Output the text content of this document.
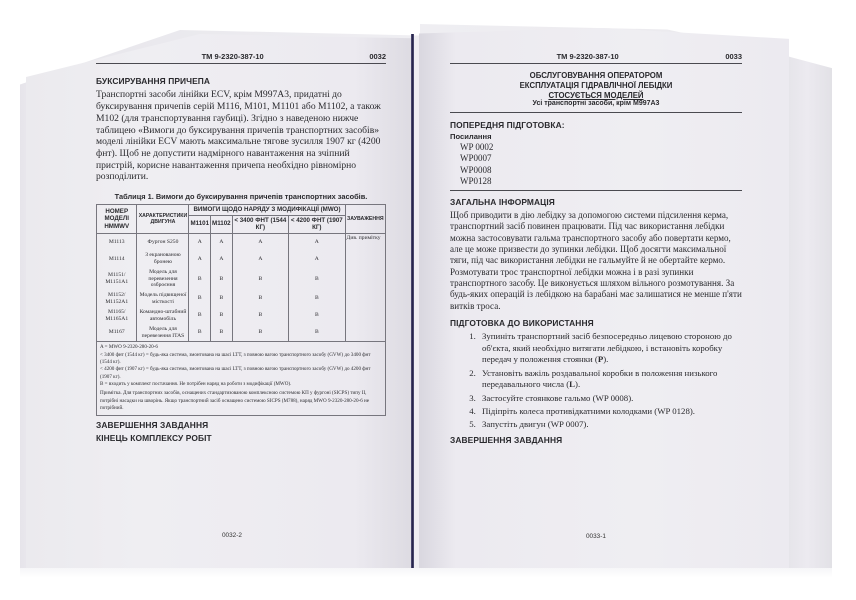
ТМ 9-2320-387-10	0032
БУКСИРУВАННЯ ПРИЧЕПА

Транспортні засоби лінійки ECV, крім M997A3, придатні до буксирування причепів серій M116, M101, M1101 або M1102, а також M102 (для транспортування гаубиці). Згідно з наведеною нижче таблицею «Вимоги до буксирування причепів транспортних засобів» моделі лінійки ECV мають максимальне тягове зусилля 1907 кг (4200 фнт). Щоб не допустити надмірного навантаження на зчіпний пристрій, корисне навантаження причепа необхідно рівномірно розподілити.

Таблиця 1. Вимоги до буксирування причепів транспортних засобів.
НОМЕР МОДЕЛІ HMMWV	ХАРАКТЕРИСТИКИ ДВИГУНА	ВИМОГИ ЩОДО НАРЯДУ З МОДИФІКАЦІЇ (MWO)				ЗАУВАЖЕННЯ
		M1101	M1102	< 3400 ФНТ (1544 КГ)	< 4200 ФНТ (1907 КГ)	
M1113	Фургон S250	A	A	A	A	Див. примітку
M1114	З екранованою бронею	A	A	A	A	
M1151/ M1151A1	Модель для перевезення озброєння	B	B	B	B	
M1152/ M1152A1	Модель підвищеної місткості	B	B	B	B	
M1165/ M1165A1	Командно-штабний автомобіль	B	B	B	B	
M1167	Модель для перевезення ITAS	B	B	B	B	

A = MWO 9-2320-280-20-6

< 3400 фнт (1544 кг) = будь-яка система, змонтована на шасі LTT, з повною вагою транспортного засобу (GVW) до 3400 фнт (1544 кг).

< 4200 фнт (1907 кг) = будь-яка система, змонтована на шасі LTT, з повною вагою транспортного засобу (GVW) до 4200 фнт (1907 кг).

B = входить у комплект постачання. Не потрібен наряд на роботи з модифікації (MWO).

Примітка. Для транспортних засобів, оснащених стандартизованою комплексною системою КП у фургоні (SICPS) типу II, потрібні насадки на шворінь. Якщо транспортний засіб оснащено системою SICPS (M788), наряд MWO 9-2320-280-20-6 не потрібний.

ЗАВЕРШЕННЯ ЗАВДАННЯ
КІНЕЦЬ КОМПЛЕКСУ РОБІТ
0032-2
ТМ 9-2320-387-10	0033
ОБСЛУГОВУВАННЯ ОПЕРАТОРОМ
ЕКСПЛУАТАЦІЯ ГІДРАВЛІЧНОЇ ЛЕБІДКИ
СТОСУЄТЬСЯ МОДЕЛЕЙ
Усі транспортні засоби, крім M997A3
ПОПЕРЕДНЯ ПІДГОТОВКА:
Посилання
WP 0002
WP0007
WP0008
WP0128
ЗАГАЛЬНА ІНФОРМАЦІЯ

Щоб приводити в дію лебідку за допомогою системи підсилення керма, транспортний засіб повинен працювати. Під час використання лебідки можна застосовувати гальма транспортного засобу або повертати кермо, але це може призвести до зупинки лебідки. Щоб досягти максимальної тяги, під час використання лебідки не гальмуйте й не обертайте кермо. Розмотувати трос транспортної лебідки можна і в разі зупинки транспортного засобу. Це виконується шляхом вільного розмотування. За будь-яких операцій із лебідкою на барабані має залишатися не менше п'яти витків троса.

ПІДГОТОВКА ДО ВИКОРИСТАННЯ
1. Зупиніть транспортний засіб безпосередньо лицевою стороною до об'єкта, який необхідно витягати лебідкою, і встановіть коробку передач у положення стоянки (P).
2. Установіть важіль роздавальної коробки в положення низького передавального числа (L).
3. Застосуйте стоянкове гальмо (WP 0008).
4. Підіпріть колеса противідкатними колодками (WP 0128).
5. Запустіть двигун (WP 0007).
ЗАВЕРШЕННЯ ЗАВДАННЯ
0033-1
